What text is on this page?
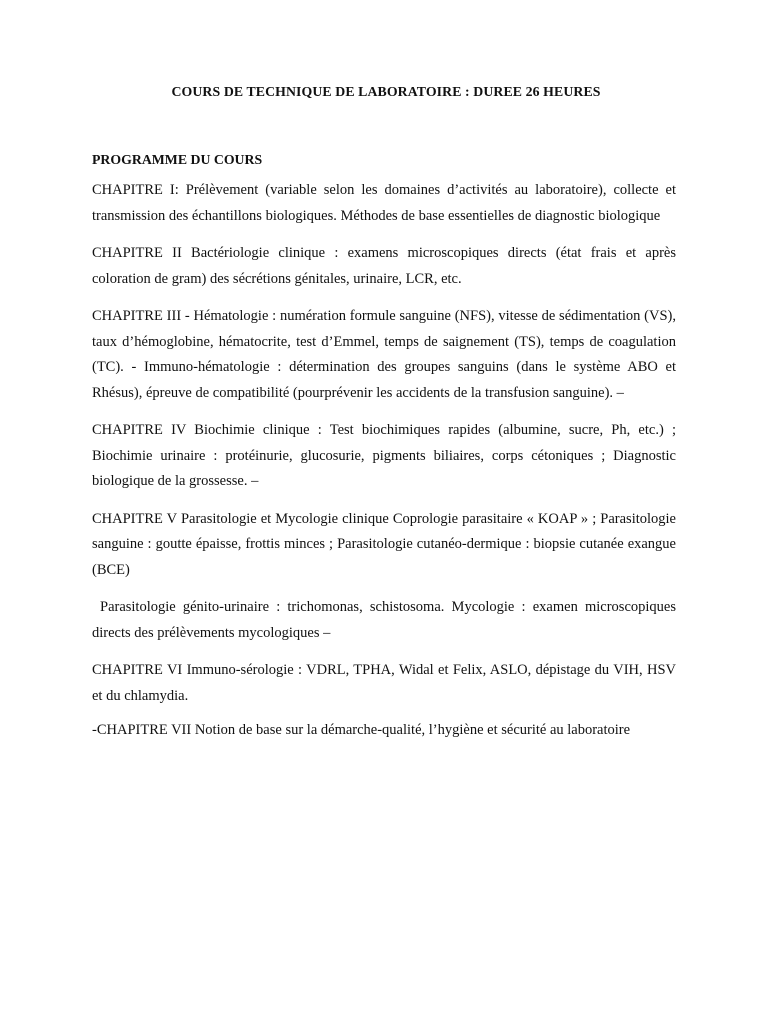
COURS DE TECHNIQUE DE LABORATOIRE : DUREE 26 HEURES
PROGRAMME DU COURS

CHAPITRE I: Prélèvement (variable selon les domaines d’activités au laboratoire), collecte et transmission des échantillons biologiques. Méthodes de base essentielles de diagnostic biologique

CHAPITRE II Bactériologie clinique : examens microscopiques directs (état frais et après coloration de gram) des sécrétions génitales, urinaire, LCR, etc.

CHAPITRE III - Hématologie : numération formule sanguine (NFS), vitesse de sédimentation (VS), taux d’hémoglobine, hématocrite, test d’Emmel, temps de saignement (TS), temps de coagulation (TC). - Immuno-hématologie : détermination des groupes sanguins (dans le système ABO et Rhésus), épreuve de compatibilité (pourprévenir les accidents de la transfusion sanguine). –

CHAPITRE IV Biochimie clinique : Test biochimiques rapides (albumine, sucre, Ph, etc.) ; Biochimie urinaire : protéinurie, glucosurie, pigments biliaires, corps cétoniques ; Diagnostic biologique de la grossesse. –

CHAPITRE V Parasitologie et Mycologie clinique Coprologie parasitaire « KOAP » ; Parasitologie sanguine : goutte épaisse, frottis minces ; Parasitologie cutanéo-dermique : biopsie cutanée exangue (BCE)

Parasitologie génito-urinaire : trichomonas, schistosoma. Mycologie : examen microscopiques directs des prélèvements mycologiques –

CHAPITRE VI Immuno-sérologie : VDRL, TPHA, Widal et Felix, ASLO, dépistage du VIH, HSV et du chlamydia.

-CHAPITRE VII Notion de base sur la démarche-qualité, l’hygiène et sécurité au laboratoire
